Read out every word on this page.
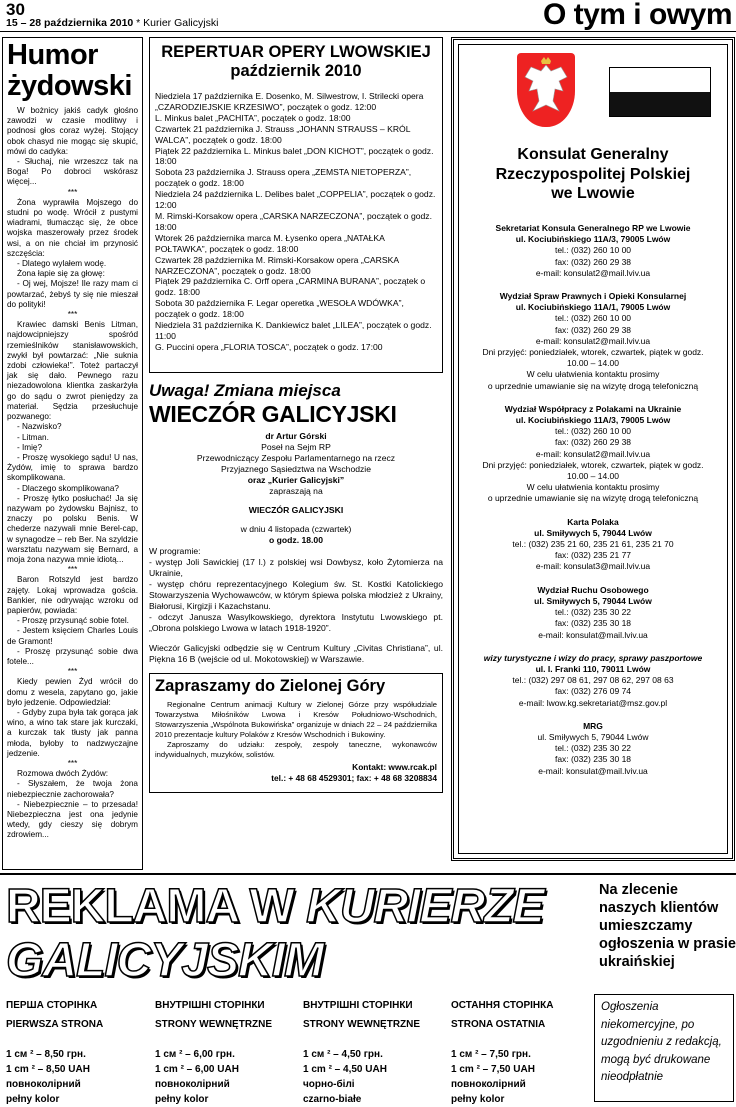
30
15 – 28 października 2010 * Kurier Galicyjski	O tym i owym
Humor żydowski

W bożnicy jakiś cadyk głośno zawodzi w czasie modlitwy i podnosi głos coraz wyżej. Stojący obok chasyd nie mogąc się skupić, mówi do cadyka:

- Słuchaj, nie wrzeszcz tak na Boga! Po dobroci wskórasz więcej...

***

Żona wyprawiła Mojszego do studni po wodę. Wrócił z pustymi wiadrami, tłumacząc się, że obce wojska maszerowały przez środek wsi, a on nie chciał im przynosić szczęścia:

- Dlatego wylałem wodę.

Żona łapie się za głowę:

- Oj wej, Mojsze! Ile razy mam ci powtarzać, żebyś ty się nie mieszał do polityki!

***

Krawiec damski Benis Litman, najdowcipniejszy spośród rzemieślników stanisławowskich, zwykł był powtarzać: „Nie suknia zdobi człowieka!”. Toteż partaczył jak się dało. Pewnego razu niezadowolona klientka zaskarżyła go do sądu o zwrot pieniędzy za materiał. Sędzia przesłuchuje pozwanego:

- Nazwisko?

- Litman.

- Imię?

- Proszę wysokiego sądu! U nas, Żydów, imię to sprawa bardzo skomplikowana.

- Dlaczego skomplikowana?

- Proszę łytko posłuchać! Ja się nazywam po żydowsku Bajnisz, to znaczy po polsku Benis. W chederze nazywali mnie Berel-cap, w synagodze – reb Ber. Na szyldzie warsztatu nazywam się Bernard, a moja żona nazywa mnie idiotą...

***

Baron Rotszyld jest bardzo zajęty. Lokaj wprowadza gościa. Bankier, nie odrywając wzroku od papierów, powiada:

- Proszę przysunąć sobie fotel.

- Jestem księciem Charles Louis de Gramont!

- Proszę przysunąć sobie dwa fotele...

***

Kiedy pewien Żyd wrócił do domu z wesela, zapytano go, jakie było jedzenie. Odpowiedział:

- Gdyby zupa była tak gorąca jak wino, a wino tak stare jak kurczaki, a kurczak tak tłusty jak panna młoda, byłoby to nadzwyczajne jedzenie.

***

Rozmowa dwóch Żydów:

- Słyszałem, że twoja żona niebezpiecznie zachorowała?

- Niebezpiecznie – to przesada! Niebezpieczna jest ona jedynie wtedy, gdy cieszy się dobrym zdrowiem...

REPERTUAR OPERY LWOWSKIEJ
październik 2010
Niedziela 17 października E. Dosenko, M. Silwestrow, I. Strilecki opera „CZARODZIEJSKIE KRZESIWO”, początek o godz. 12:00
L. Minkus balet „PACHITA”, początek o godz. 18:00
Czwartek 21 października J. Strauss „JOHANN STRAUSS – KRÓL WALCA”, początek o godz. 18:00
Piątek 22 października L. Minkus balet „DON KICHOT”, początek o godz. 18:00
Sobota 23 października J. Strauss opera „ZEMSTA NIETOPERZA”, początek o godz. 18:00
Niedziela 24 października L. Delibes balet „COPPELIA”, początek o godz. 12:00
M. Rimski-Korsakow opera „CARSKA NARZECZONA”, początek o godz. 18:00
Wtorek 26 października marca M. Łysenko opera „NATAŁKA POŁTAWKA”, początek o godz. 18:00
Czwartek 28 października M. Rimski-Korsakow opera „CARSKA NARZECZONA”, początek o godz. 18:00
Piątek 29 października C. Orff opera „CARMINA BURANA”, początek o godz. 18:00
Sobota 30 października F. Legar operetka „WESOŁA WDÓWKA”, początek o godz. 18:00
Niedziela 31 października K. Dankiewicz balet „LILEA”, początek o godz. 11:00
G. Puccini opera „FLORIA TOSCA”, początek o godz. 17:00
Uwaga! Zmiana miejsca
WIECZÓR GALICYJSKI
dr Artur Górski
Poseł na Sejm RP
Przewodniczący Zespołu Parlamentarnego na rzecz
Przyjaznego Sąsiedztwa na Wschodzie
oraz „Kurier Galicyjski”
zapraszają na
WIECZÓR GALICYJSKI
w dniu 4 listopada (czwartek)
o godz. 18.00
W programie:
- występ Joli Sawickiej (17 l.) z polskiej wsi Dowbysz, koło Żytomierza na Ukrainie,
- występ chóru reprezentacyjnego Kolegium św. St. Kostki Katolickiego Stowarzyszenia Wychowawców, w którym śpiewa polska młodzież z Ukrainy, Białorusi, Kirgizji i Kazachstanu.
- odczyt Janusza Wasylkowskiego, dyrektora Instytutu Lwowskiego pt. „Obrona polskiego Lwowa w latach 1918-1920”.
Wieczór Galicyjski odbędzie się w Centrum Kultury „Civitas Christiana”, ul. Piękna 16 B (wejście od ul. Mokotowskiej) w Warszawie.
Zapraszamy do Zielonej Góry
Regionalne Centrum animacji Kultury w Zielonej Górze przy współudziale Towarzystwa Miłośników Lwowa i Kresów Południowo-Wschodnich, Stowarzyszenia „Wspólnota Bukowińska” organizuje w dniach 22 – 24 października 2010 prezentacje kultury Polaków z Kresów Wschodnich i Bukowiny.
Zaproszamy do udziału: zespoły, zespoły taneczne, wykonawców indywidualnych, muzyków, solistów.
Kontakt: www.rcak.pl
tel.: + 48 68 4529301; fax: + 48 68 3208834
Konsulat Generalny
Rzeczypospolitej Polskiej
we Lwowie
Sekretariat Konsula Generalnego RP we Lwowie
ul. Kociubińskiego 11A/3, 79005 Lwów
tel.: (032) 260 10 00
fax: (032) 260 29 38
e-mail: konsulat2@mail.lviv.ua
Wydział Spraw Prawnych i Opieki Konsularnej
ul. Kociubińskiego 11A/1, 79005 Lwów
tel.: (032) 260 10 00
fax: (032) 260 29 38
e-mail: konsulat2@mail.lviv.ua
Dni przyjęć: poniedziałek, wtorek, czwartek, piątek w godz.
10.00 – 14.00
W celu ułatwienia kontaktu prosimy
o uprzednie umawianie się na wizytę drogą telefoniczną
Wydział Współpracy z Polakami na Ukrainie
ul. Kociubińskiego 11A/3, 79005 Lwów
tel.: (032) 260 10 00
fax: (032) 260 29 38
e-mail: konsulat2@mail.lviv.ua
Dni przyjęć: poniedziałek, wtorek, czwartek, piątek w godz.
10.00 – 14.00
W celu ułatwienia kontaktu prosimy
o uprzednie umawianie się na wizytę drogą telefoniczną
Karta Polaka
ul. Smiływych 5, 79044 Lwów
tel.: (032) 235 21 60, 235 21 61, 235 21 70
fax: (032) 235 21 77
e-mail: konsulat3@mail.lviv.ua
Wydział Ruchu Osobowego
ul. Smiływych 5, 79044 Lwów
tel.: (032) 235 30 22
fax: (032) 235 30 18
e-mail: konsulat@mail.lviv.ua
wizy turystyczne i wizy do pracy, sprawy paszportowe
ul. I. Franki 110, 79011 Lwów
tel.: (032) 297 08 61, 297 08 62, 297 08 63
fax: (032) 276 09 74
e-mail: lwow.kg.sekretariat@msz.gov.pl
MRG
ul. Smiływych 5, 79044 Lwów
tel.: (032) 235 30 22
fax: (032) 235 30 18
e-mail: konsulat@mail.lviv.ua
REKLAMA W KURIERZE
GALICYJSKIM
Na zlecenie naszych klientów umieszczamy ogłoszenia w prasie ukraińskiej
ПЕРША СТОРІНКА
PIERWSZA STRONA
1 см ² – 8,50 грн.
1 cm ² – 8,50 UAH
повноколірний
pełny kolor
ВНУТРІШНІ СТОРІНКИ
STRONY WEWNĘTRZNE
1 см ² – 6,00 грн.
1 cm ² – 6,00 UAH
повноколірний
pełny kolor
ВНУТРІШНІ СТОРІНКИ
STRONY WEWNĘTRZNE
1 см ² – 4,50 грн.
1 cm ² – 4,50 UAH
чорно-білі
czarno-białe
ОСТАННЯ СТОРІНКА
STRONA OSTATNIA
1 см ² – 7,50 грн.
1 cm ² – 7,50 UAH
повноколірний
pełny kolor
Ogłoszenia niekomercyjne, po uzgodnieniu z redakcją, mogą być drukowane nieodpłatnie
